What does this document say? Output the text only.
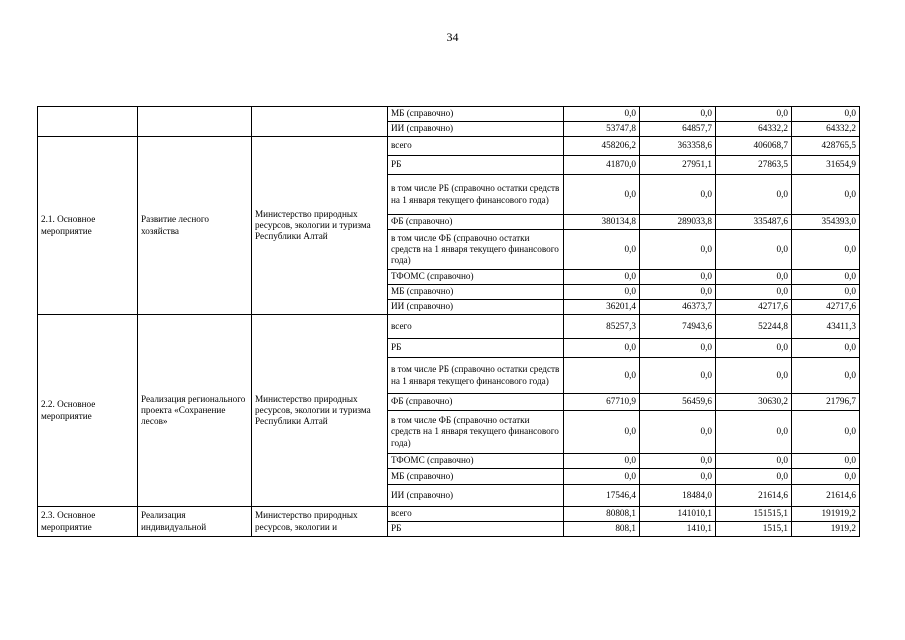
34
			МБ (справочно)	0,0	0,0	0,0	0,0
			ИИ (справочно)	53747,8	64857,7	64332,2	64332,2
2.1. Основное мероприятие	Развитие лесного хозяйства	Министерство природных ресурсов, экологии и туризма Республики Алтай	всего	458206,2	363358,6	406068,7	428765,5
			РБ	41870,0	27951,1	27863,5	31654,9
			в том числе РБ (справочно остатки средств на 1 января текущего финансового года)	0,0	0,0	0,0	0,0
			ФБ (справочно)	380134,8	289033,8	335487,6	354393,0
			в том числе ФБ (справочно остатки средств на 1 января текущего финансового года)	0,0	0,0	0,0	0,0
			ТФОМС (справочно)	0,0	0,0	0,0	0,0
			МБ (справочно)	0,0	0,0	0,0	0,0
			ИИ (справочно)	36201,4	46373,7	42717,6	42717,6
2.2. Основное мероприятие	Реализация регионального проекта «Сохранение лесов»	Министерство природных ресурсов, экологии и туризма Республики Алтай	всего	85257,3	74943,6	52244,8	43411,3
			РБ	0,0	0,0	0,0	0,0
			в том числе РБ (справочно остатки средств на 1 января текущего финансового года)	0,0	0,0	0,0	0,0
			ФБ (справочно)	67710,9	56459,6	30630,2	21796,7
			в том числе ФБ (справочно остатки средств на 1 января текущего финансового года)	0,0	0,0	0,0	0,0
			ТФОМС (справочно)	0,0	0,0	0,0	0,0
			МБ (справочно)	0,0	0,0	0,0	0,0
			ИИ (справочно)	17546,4	18484,0	21614,6	21614,6
2.3. Основное мероприятие	Реализация индивидуальной	Министерство природных ресурсов, экологии и	всего	80808,1	141010,1	151515,1	191919,2
			РБ	808,1	1410,1	1515,1	1919,2
